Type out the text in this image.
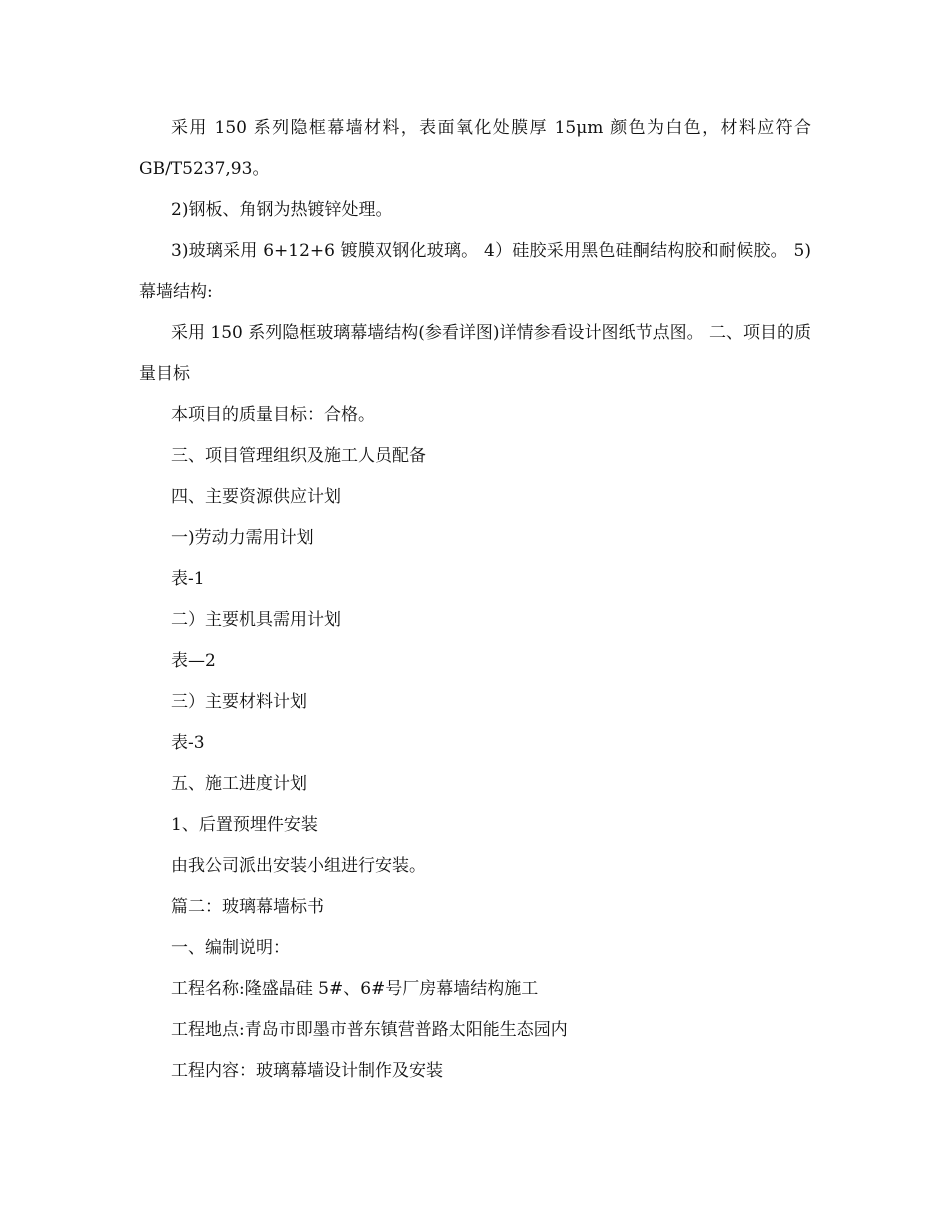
采用 150 系列隐框幕墙材料，表面氧化处膜厚 15μm 颜色为白色，材料应符合GB/T5237,93。

2)钢板、角钢为热镀锌处理。

3)玻璃采用 6+12+6 镀膜双钢化玻璃。 4）硅胶采用黑色硅酮结构胶和耐候胶。 5)幕墙结构:

采用 150 系列隐框玻璃幕墙结构(参看详图)详情参看设计图纸节点图。 二、项目的质量目标

本项目的质量目标：合格。

三、项目管理组织及施工人员配备

四、主要资源供应计划

一)劳动力需用计划

表-1

二）主要机具需用计划

表—2

三）主要材料计划

表-3

五、施工进度计划

1、后置预埋件安装

由我公司派出安装小组进行安装。

篇二：玻璃幕墙标书

一、编制说明：

工程名称:隆盛晶硅 5#、6#号厂房幕墙结构施工

工程地点:青岛市即墨市普东镇营普路太阳能生态园内

工程内容：玻璃幕墙设计制作及安装
